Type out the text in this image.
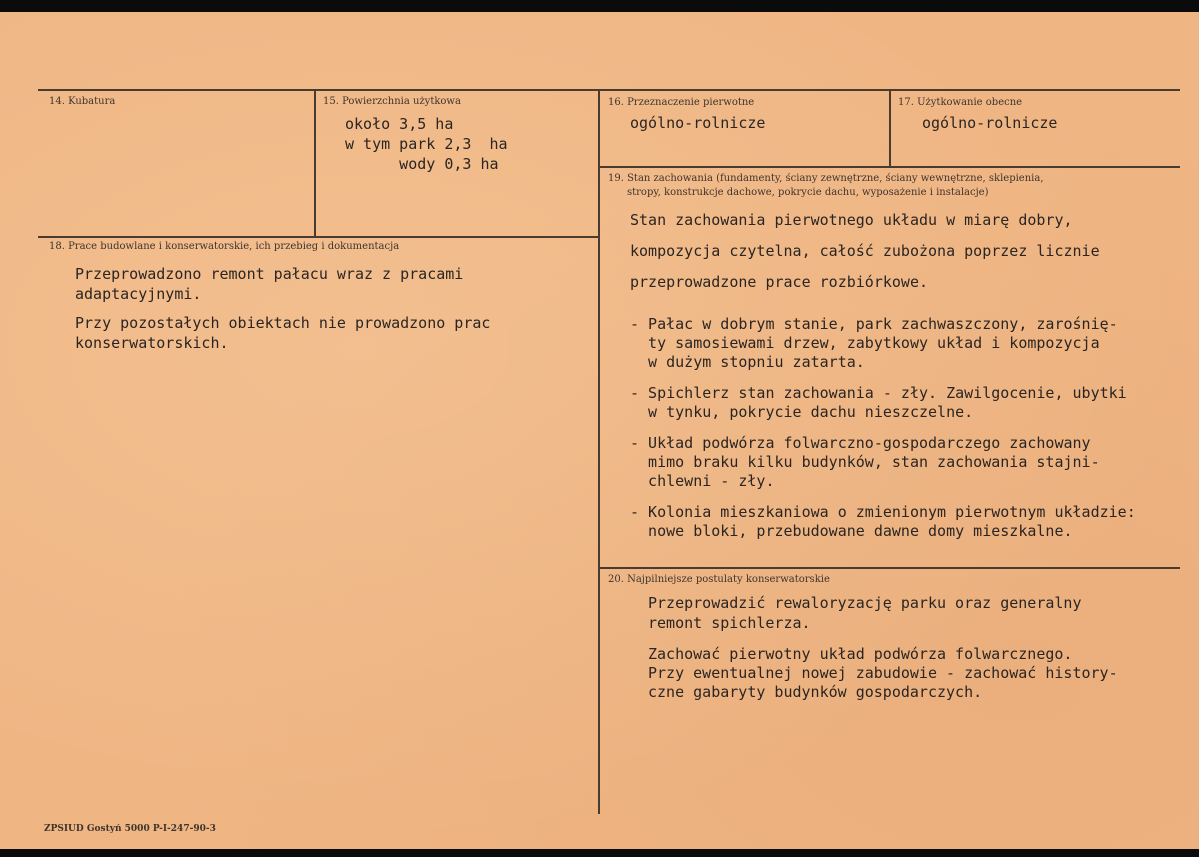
14. Kubatura	15. Powierzchnia użytkowa
około 3,5 ha
w tym park 2,3  ha
wody 0,3 ha
16. Przeznaczenie pierwotne
ogólno-rolnicze
17. Użytkowanie obecne
ogólno-rolnicze
18. Prace budowlane i konserwatorskie, ich przebieg i dokumentacja
Przeprowadzono remont pałacu wraz z pracami
adaptacyjnymi.
Przy pozostałych obiektach nie prowadzono prac
konserwatorskich.
19. Stan zachowania (fundamenty, ściany zewnętrzne, ściany wewnętrzne, sklepienia,
stropy, konstrukcje dachowe, pokrycie dachu, wyposażenie i instalacje)
Stan zachowania pierwotnego układu w miarę dobry,
kompozycja czytelna, całość zubożona poprzez licznie
przeprowadzone prace rozbiórkowe.
- Pałac w dobrym stanie, park zachwaszczony, zarośnię-
ty samosiewami drzew, zabytkowy układ i kompozycja
w dużym stopniu zatarta.
- Spichlerz stan zachowania - zły. Zawilgocenie, ubytki
w tynku, pokrycie dachu nieszczelne.
- Układ podwórza folwarczno-gospodarczego zachowany
mimo braku kilku budynków, stan zachowania stajni-
chlewni - zły.
- Kolonia mieszkaniowa o zmienionym pierwotnym układzie:
nowe bloki, przebudowane dawne domy mieszkalne.
20. Najpilniejsze postulaty konserwatorskie
Przeprowadzić rewaloryzację parku oraz generalny
remont spichlerza.
Zachować pierwotny układ podwórza folwarcznego.
Przy ewentualnej nowej zabudowie - zachować history-
czne gabaryty budynków gospodarczych.
ZPSIUD Gostyń 5000 P-I-247-90-3
